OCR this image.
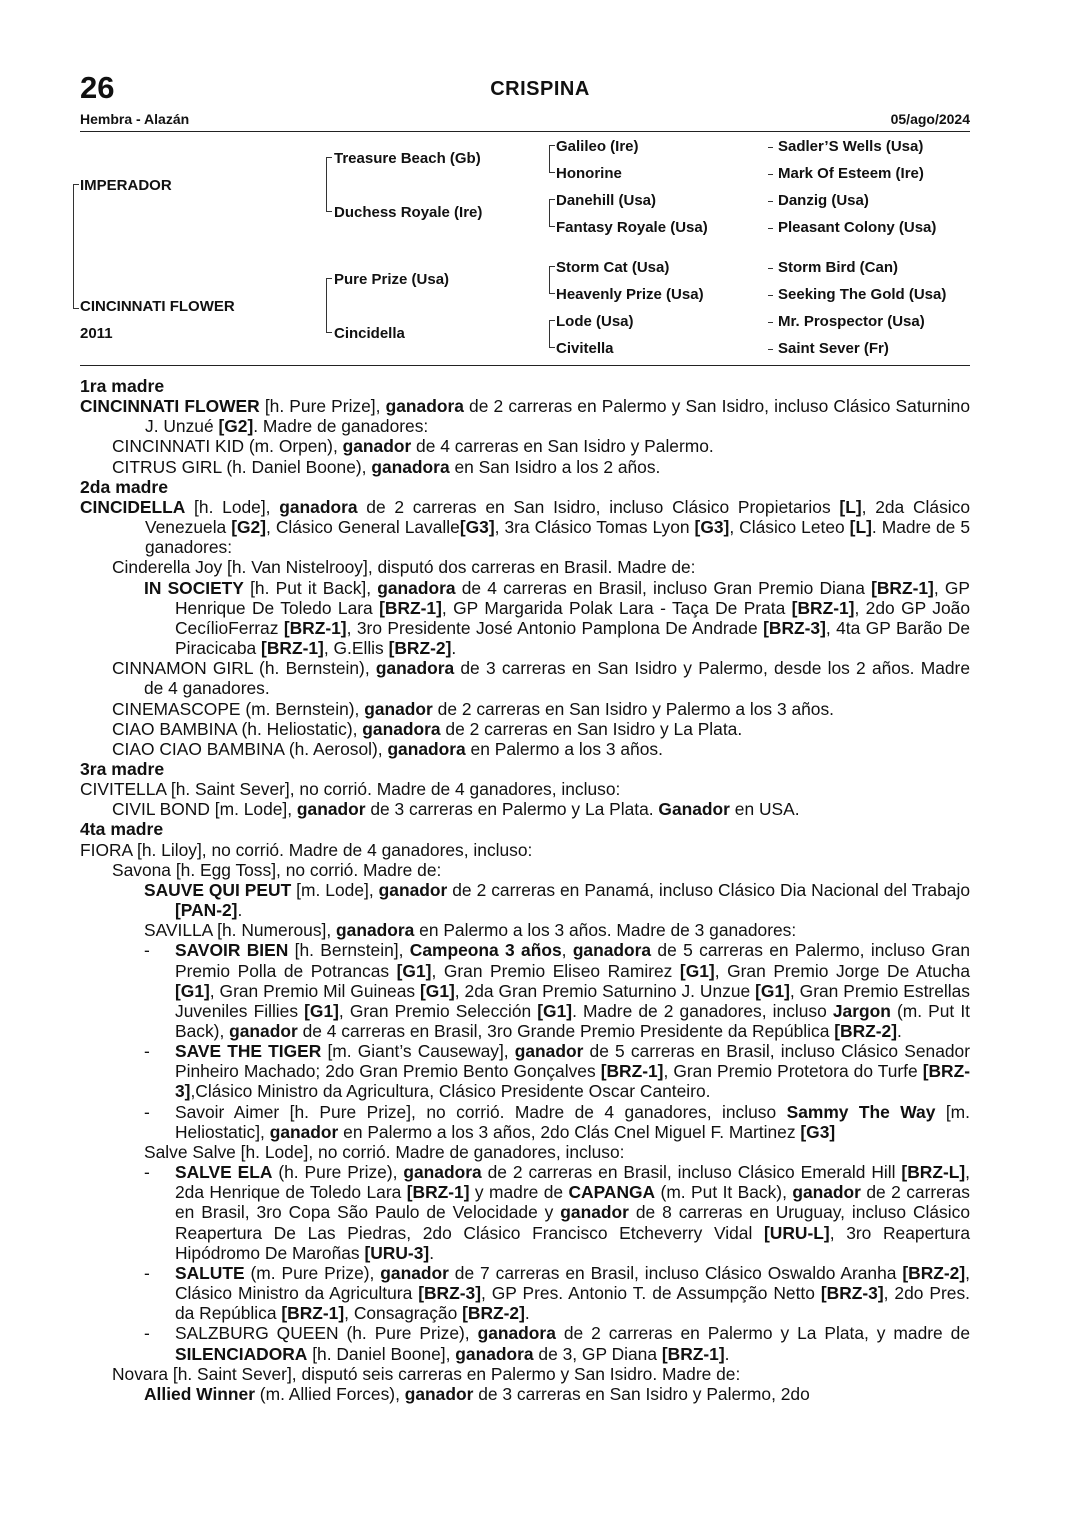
26	CRISPINA
Hembra - Alazán	05/ago/2024
IMPERADOR
CINCINNATI FLOWER
2011
Treasure Beach (Gb)
Duchess Royale (Ire)
Pure Prize (Usa)
Cincidella
Galileo (Ire)
Honorine
Danehill (Usa)
Fantasy Royale (Usa)
Storm Cat (Usa)
Heavenly Prize (Usa)
Lode (Usa)
Civitella
Sadler’S Wells (Usa)
Mark Of Esteem (Ire)
Danzig (Usa)
Pleasant Colony (Usa)
Storm Bird (Can)
Seeking The Gold (Usa)
Mr. Prospector (Usa)
Saint Sever (Fr)

1ra madre

CINCINNATI FLOWER [h. Pure Prize], ganadora de 2 carreras en Palermo y San Isidro, incluso Clásico Saturnino J. Unzué [G2]. Madre de ganadores:

CINCINNATI KID (m. Orpen), ganador de 4 carreras en San Isidro y Palermo.

CITRUS GIRL (h. Daniel Boone), ganadora en San Isidro a los 2 años.

2da madre

CINCIDELLA [h. Lode], ganadora de 2 carreras en San Isidro, incluso Clásico Propietarios [L], 2da Clásico Venezuela [G2], Clásico General Lavalle[G3], 3ra Clásico Tomas Lyon [G3], Clásico Leteo [L]. Madre de 5 ganadores:

Cinderella Joy [h. Van Nistelrooy], disputó dos carreras en Brasil. Madre de:

IN SOCIETY [h. Put it Back], ganadora de 4 carreras en Brasil, incluso Gran Premio Diana [BRZ-1], GP Henrique De Toledo Lara [BRZ-1], GP Margarida Polak Lara - Taça De Prata [BRZ-1], 2do GP João CecílioFerraz [BRZ-1], 3ro Presidente José Antonio Pamplona De Andrade [BRZ-3], 4ta GP Barão De Piracicaba [BRZ-1], G.Ellis [BRZ-2].

CINNAMON GIRL (h. Bernstein), ganadora de 3 carreras en San Isidro y Palermo, desde los 2 años. Madre de 4 ganadores.

CINEMASCOPE (m. Bernstein), ganador de 2 carreras en San Isidro y Palermo a los 3 años.

CIAO BAMBINA (h. Heliostatic), ganadora de 2 carreras en San Isidro y La Plata.

CIAO CIAO BAMBINA (h. Aerosol), ganadora en Palermo a los 3 años.

3ra madre

CIVITELLA [h. Saint Sever], no corrió. Madre de 4 ganadores, incluso:

CIVIL BOND [m. Lode], ganador de 3 carreras en Palermo y La Plata. Ganador en USA.

4ta madre

FIORA [h. Liloy], no corrió. Madre de 4 ganadores, incluso:

Savona [h. Egg Toss], no corrió. Madre de:

SAUVE QUI PEUT [m. Lode], ganador de 2 carreras en Panamá, incluso Clásico Dia Nacional del Trabajo [PAN-2].

SAVILLA [h. Numerous], ganadora en Palermo a los 3 años. Madre de 3 ganadores:

- SAVOIR BIEN [h. Bernstein], Campeona 3 años, ganadora de 5 carreras en Palermo, incluso Gran Premio Polla de Potrancas [G1], Gran Premio Eliseo Ramirez [G1], Gran Premio Jorge De Atucha [G1], Gran Premio Mil Guineas [G1], 2da Gran Premio Saturnino J. Unzue [G1], Gran Premio Estrellas Juveniles Fillies [G1], Gran Premio Selección [G1]. Madre de 2 ganadores, incluso Jargon (m. Put It Back), ganador de 4 carreras en Brasil, 3ro Grande Premio Presidente da República [BRZ-2].

- SAVE THE TIGER [m. Giant’s Causeway], ganador de 5 carreras en Brasil, incluso Clásico Senador Pinheiro Machado; 2do Gran Premio Bento Gonçalves [BRZ-1], Gran Premio Protetora do Turfe [BRZ-3],Clásico Ministro da Agricultura, Clásico Presidente Oscar Canteiro.

- Savoir Aimer [h. Pure Prize], no corrió. Madre de 4 ganadores, incluso Sammy The Way [m. Heliostatic], ganador en Palermo a los 3 años, 2do Clás Cnel Miguel F. Martinez [G3]

Salve Salve [h. Lode], no corrió. Madre de ganadores, incluso:

- SALVE ELA (h. Pure Prize), ganadora de 2 carreras en Brasil, incluso Clásico Emerald Hill [BRZ-L], 2da Henrique de Toledo Lara [BRZ-1] y madre de CAPANGA (m. Put It Back), ganador de 2 carreras en Brasil, 3ro Copa São Paulo de Velocidade y ganador de 8 carreras en Uruguay, incluso Clásico Reapertura De Las Piedras, 2do Clásico Francisco Etcheverry Vidal [URU-L], 3ro Reapertura Hipódromo De Maroñas [URU-3].

- SALUTE (m. Pure Prize), ganador de 7 carreras en Brasil, incluso Clásico Oswaldo Aranha [BRZ-2], Clásico Ministro da Agricultura [BRZ-3], GP Pres. Antonio T. de Assumpção Netto [BRZ-3], 2do Pres. da República [BRZ-1], Consagração [BRZ-2].

- SALZBURG QUEEN (h. Pure Prize), ganadora de 2 carreras en Palermo y La Plata, y madre de SILENCIADORA [h. Daniel Boone], ganadora de 3, GP Diana [BRZ-1].

Novara [h. Saint Sever], disputó seis carreras en Palermo y San Isidro. Madre de:

Allied Winner (m. Allied Forces), ganador de 3 carreras en San Isidro y Palermo, 2do
